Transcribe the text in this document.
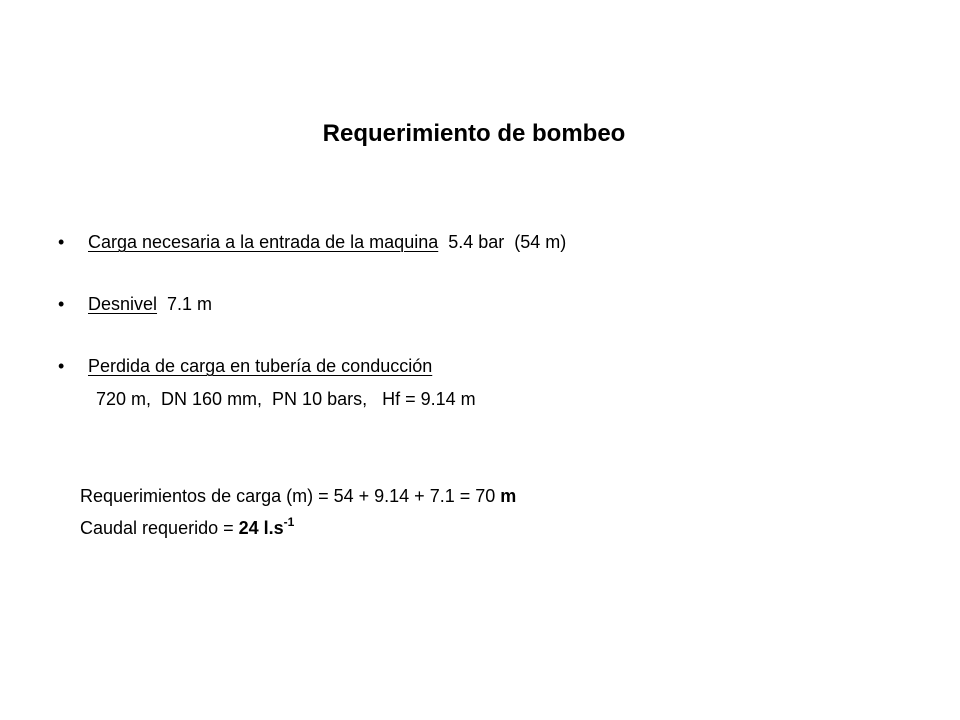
Requerimiento de bombeo
• Carga necesaria a la entrada de la maquina  5.4 bar  (54 m)
• Desnivel  7.1 m
• Perdida de carga en tubería de conducción
720 m,  DN 160 mm,  PN 10 bars,   Hf = 9.14 m
Requerimientos de carga (m) = 54 + 9.14 + 7.1 = 70 m
Caudal requerido = 24 $l.s^{-1}$
